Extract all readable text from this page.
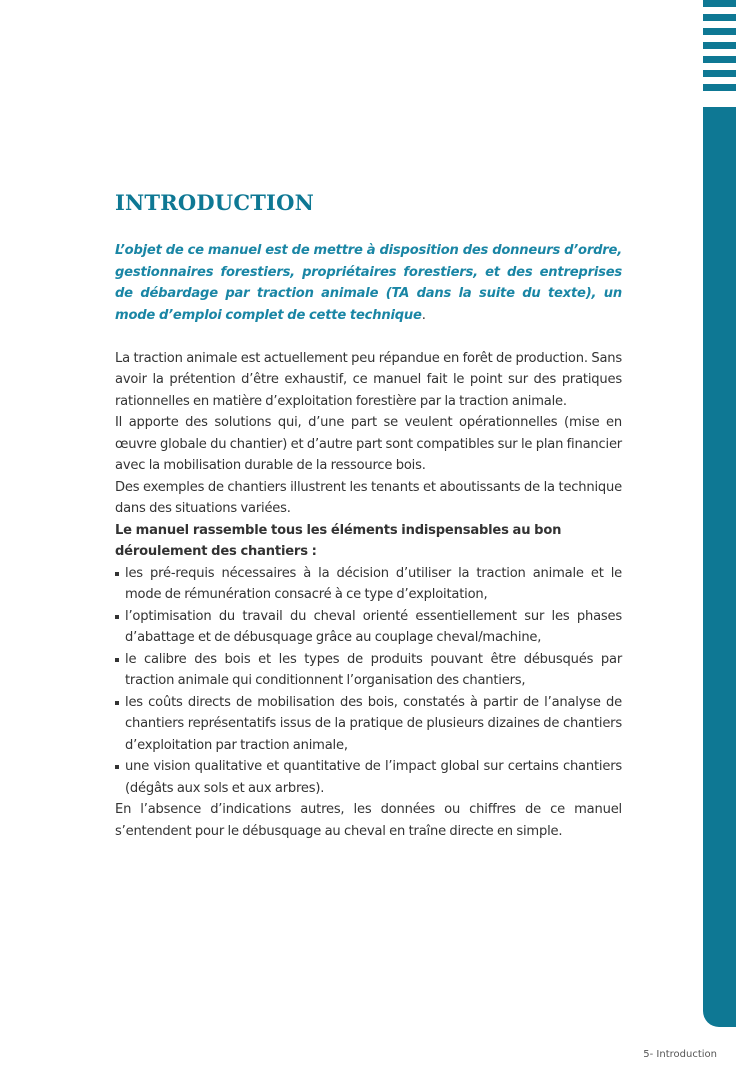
INTRODUCTION

L’objet de ce manuel est de mettre à disposition des donneurs d’ordre, gestionnaires forestiers, propriétaires forestiers, et des entreprises de débardage par traction animale (TA dans la suite du texte), un mode d’emploi complet de cette technique.

La traction animale est actuellement peu répandue en forêt de production. Sans avoir la prétention d’être exhaustif, ce manuel fait le point sur des pratiques rationnelles en matière d’exploitation forestière par la traction animale.

Il apporte des solutions qui, d’une part se veulent opérationnelles (mise en œuvre globale du chantier) et d’autre part sont compatibles sur le plan financier avec la mobilisation durable de la ressource bois.

Des exemples de chantiers illustrent les tenants et aboutissants de la technique dans des situations variées.

Le manuel rassemble tous les éléments indispensables au bon déroulement des chantiers :

les pré-requis nécessaires à la décision d’utiliser la traction animale et le mode de rémunération consacré à ce type d’exploitation,
l’optimisation du travail du cheval orienté essentiellement sur les phases d’abattage et de débusquage grâce au couplage cheval/machine,
le calibre des bois et les types de produits pouvant être débusqués par traction animale qui conditionnent l’organisation des chantiers,
les coûts directs de mobilisation des bois, constatés à partir de l’analyse de chantiers représentatifs issus de la pratique de plusieurs dizaines de chantiers d’exploitation par traction animale,
une vision qualitative et quantitative de l’impact global sur certains chantiers (dégâts aux sols et aux arbres).

En l’absence d’indications autres, les données ou chiffres de ce manuel s’entendent pour le débusquage au cheval en traîne directe en simple.

5- Introduction
